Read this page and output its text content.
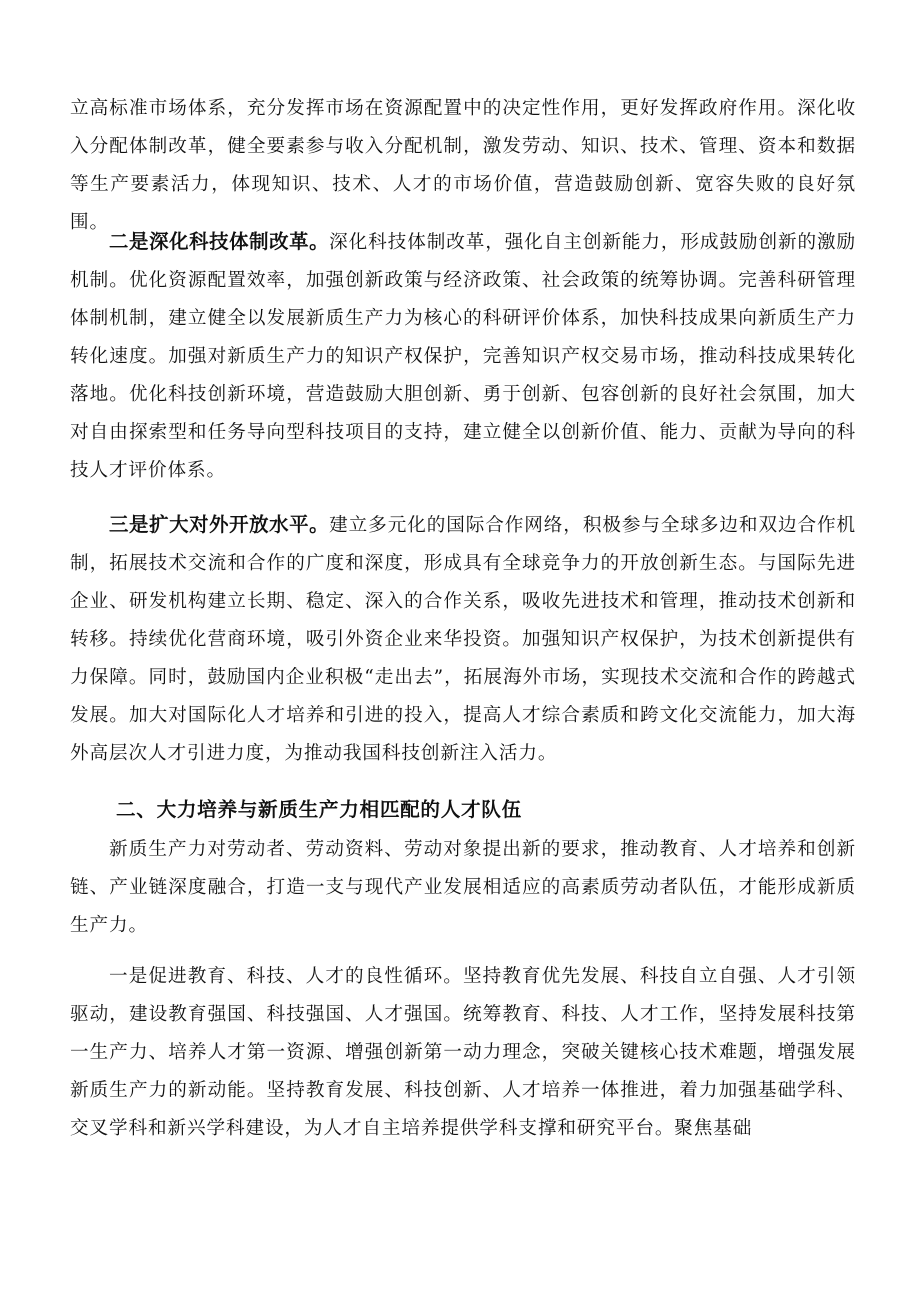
立高标准市场体系，充分发挥市场在资源配置中的决定性作用，更好发挥政府作用。深化收入分配体制改革，健全要素参与收入分配机制，激发劳动、知识、技术、管理、资本和数据等生产要素活力，体现知识、技术、人才的市场价值，营造鼓励创新、宽容失败的良好氛围。

二是深化科技体制改革。深化科技体制改革，强化自主创新能力，形成鼓励创新的激励机制。优化资源配置效率，加强创新政策与经济政策、社会政策的统筹协调。完善科研管理体制机制，建立健全以发展新质生产力为核心的科研评价体系，加快科技成果向新质生产力转化速度。加强对新质生产力的知识产权保护，完善知识产权交易市场，推动科技成果转化落地。优化科技创新环境，营造鼓励大胆创新、勇于创新、包容创新的良好社会氛围，加大对自由探索型和任务导向型科技项目的支持，建立健全以创新价值、能力、贡献为导向的科技人才评价体系。

三是扩大对外开放水平。建立多元化的国际合作网络，积极参与全球多边和双边合作机制，拓展技术交流和合作的广度和深度，形成具有全球竞争力的开放创新生态。与国际先进企业、研发机构建立长期、稳定、深入的合作关系，吸收先进技术和管理，推动技术创新和转移。持续优化营商环境，吸引外资企业来华投资。加强知识产权保护，为技术创新提供有力保障。同时，鼓励国内企业积极“走出去”，拓展海外市场，实现技术交流和合作的跨越式发展。加大对国际化人才培养和引进的投入，提高人才综合素质和跨文化交流能力，加大海外高层次人才引进力度，为推动我国科技创新注入活力。

二、大力培养与新质生产力相匹配的人才队伍

新质生产力对劳动者、劳动资料、劳动对象提出新的要求，推动教育、人才培养和创新链、产业链深度融合，打造一支与现代产业发展相适应的高素质劳动者队伍，才能形成新质生产力。

一是促进教育、科技、人才的良性循环。坚持教育优先发展、科技自立自强、人才引领驱动，建设教育强国、科技强国、人才强国。统筹教育、科技、人才工作，坚持发展科技第一生产力、培养人才第一资源、增强创新第一动力理念，突破关键核心技术难题，增强发展新质生产力的新动能。坚持教育发展、科技创新、人才培养一体推进，着力加强基础学科、交叉学科和新兴学科建设，为人才自主培养提供学科支撑和研究平台。聚焦基础
